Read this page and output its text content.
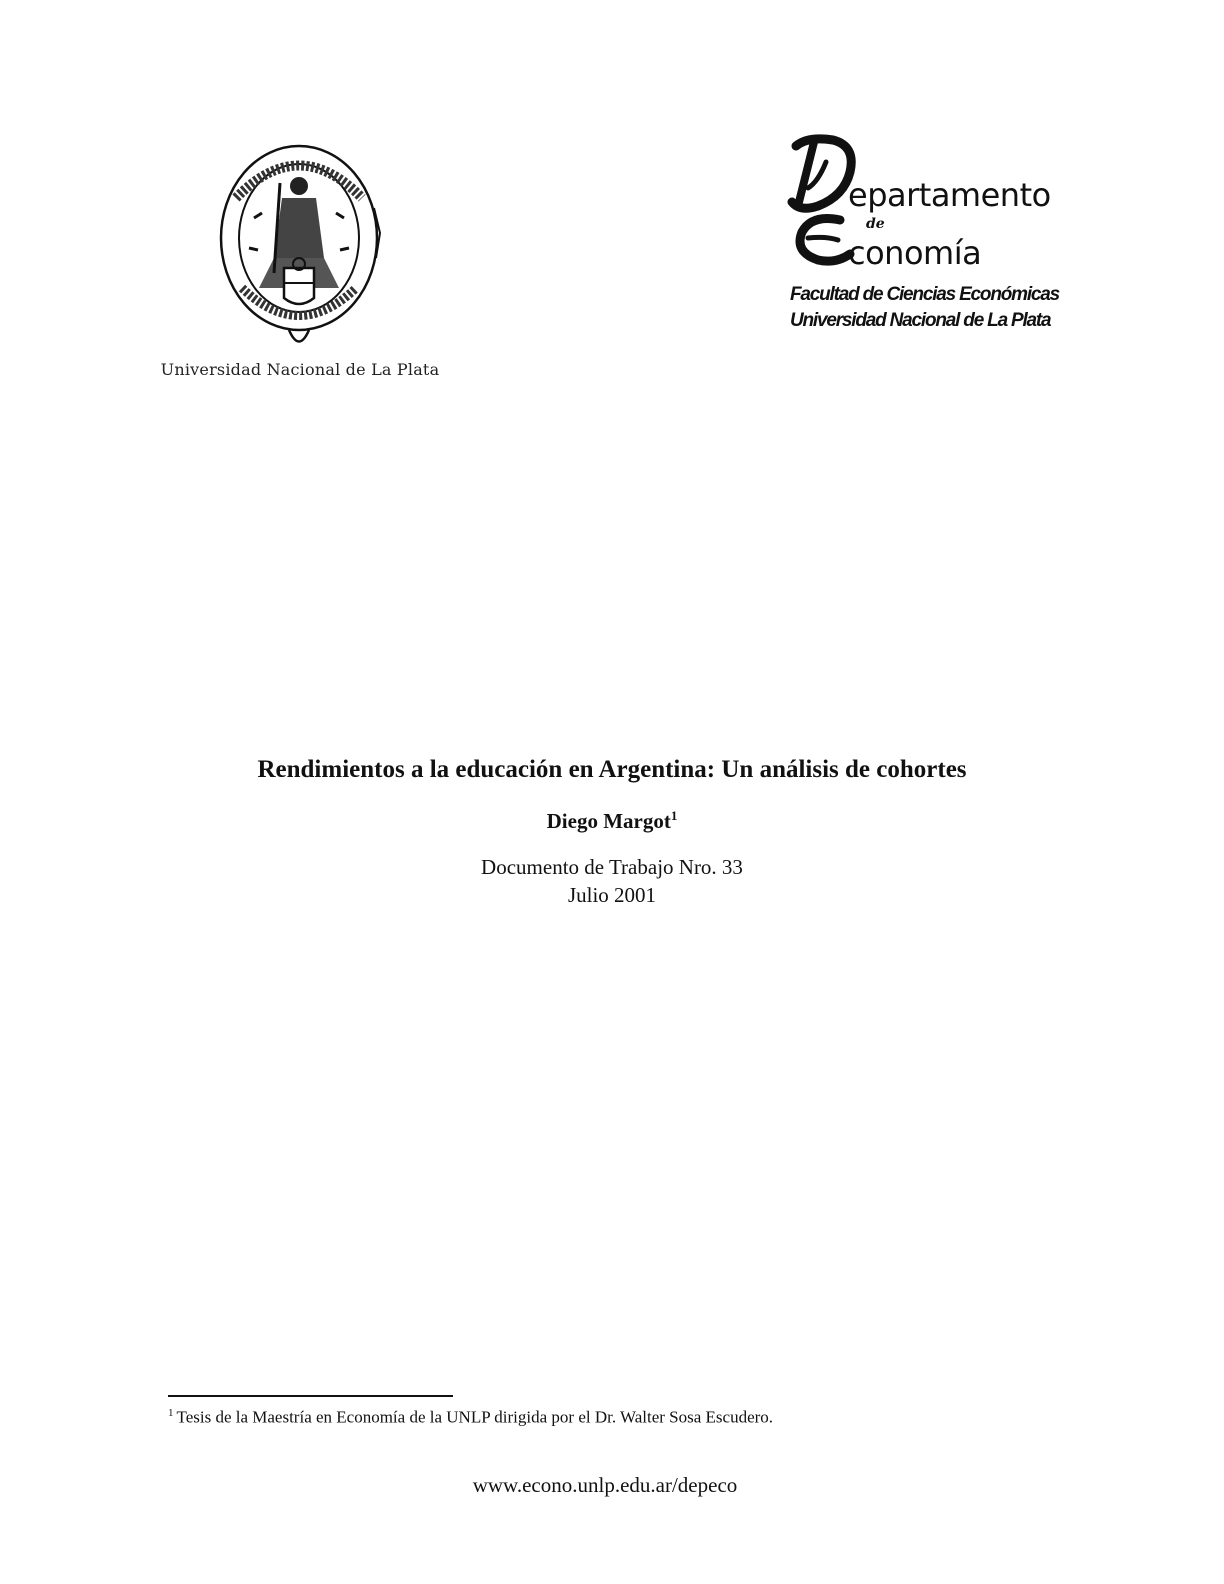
Universidad Nacional de La Plata
epartamento
de
conomía
Facultad de Ciencias Económicas
Universidad Nacional de La Plata
Rendimientos a la educación en Argentina: Un análisis de cohortes
Diego Margot$^1$
Documento de Trabajo Nro. 33
Julio 2001
$^1$ Tesis de la Maestría en Economía de la UNLP dirigida por el Dr. Walter Sosa Escudero.
www.econo.unlp.edu.ar/depeco
